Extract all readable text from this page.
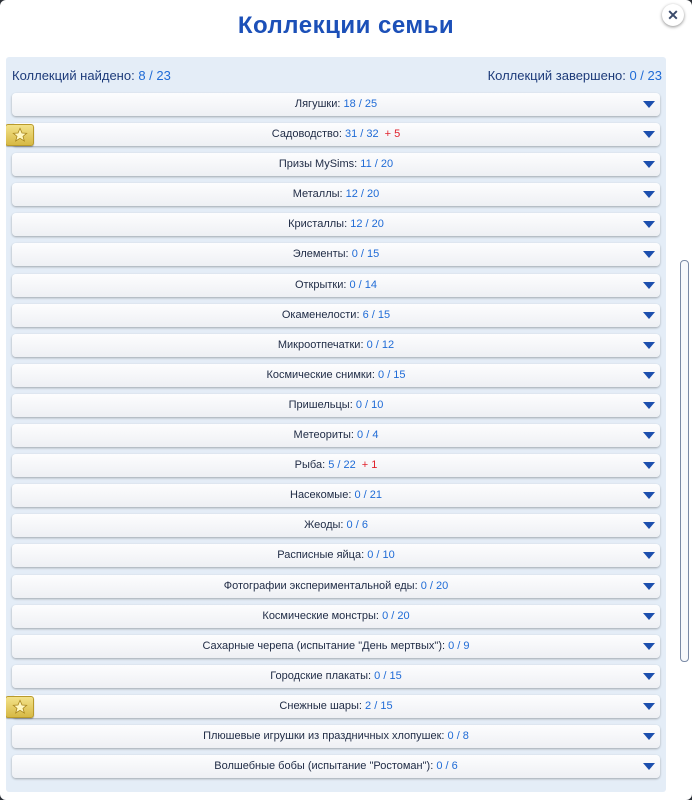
Коллекции семьи	✕
Коллекций найдено: 8 / 23	Коллекций завершено: 0 / 23
Лягушки: 18 / 25
Садоводство: 31 / 32 + 5
Призы MySims: 11 / 20
Металлы: 12 / 20
Кристаллы: 12 / 20
Элементы: 0 / 15
Открытки: 0 / 14
Окаменелости: 6 / 15
Микроотпечатки: 0 / 12
Космические снимки: 0 / 15
Пришельцы: 0 / 10
Метеориты: 0 / 4
Рыба: 5 / 22 + 1
Насекомые: 0 / 21
Жеоды: 0 / 6
Расписные яйца: 0 / 10
Фотографии экспериментальной еды: 0 / 20
Космические монстры: 0 / 20
Сахарные черепа (испытание "День мертвых"): 0 / 9
Городские плакаты: 0 / 15
Снежные шары: 2 / 15
Плюшевые игрушки из праздничных хлопушек: 0 / 8
Волшебные бобы (испытание "Ростоман"): 0 / 6
